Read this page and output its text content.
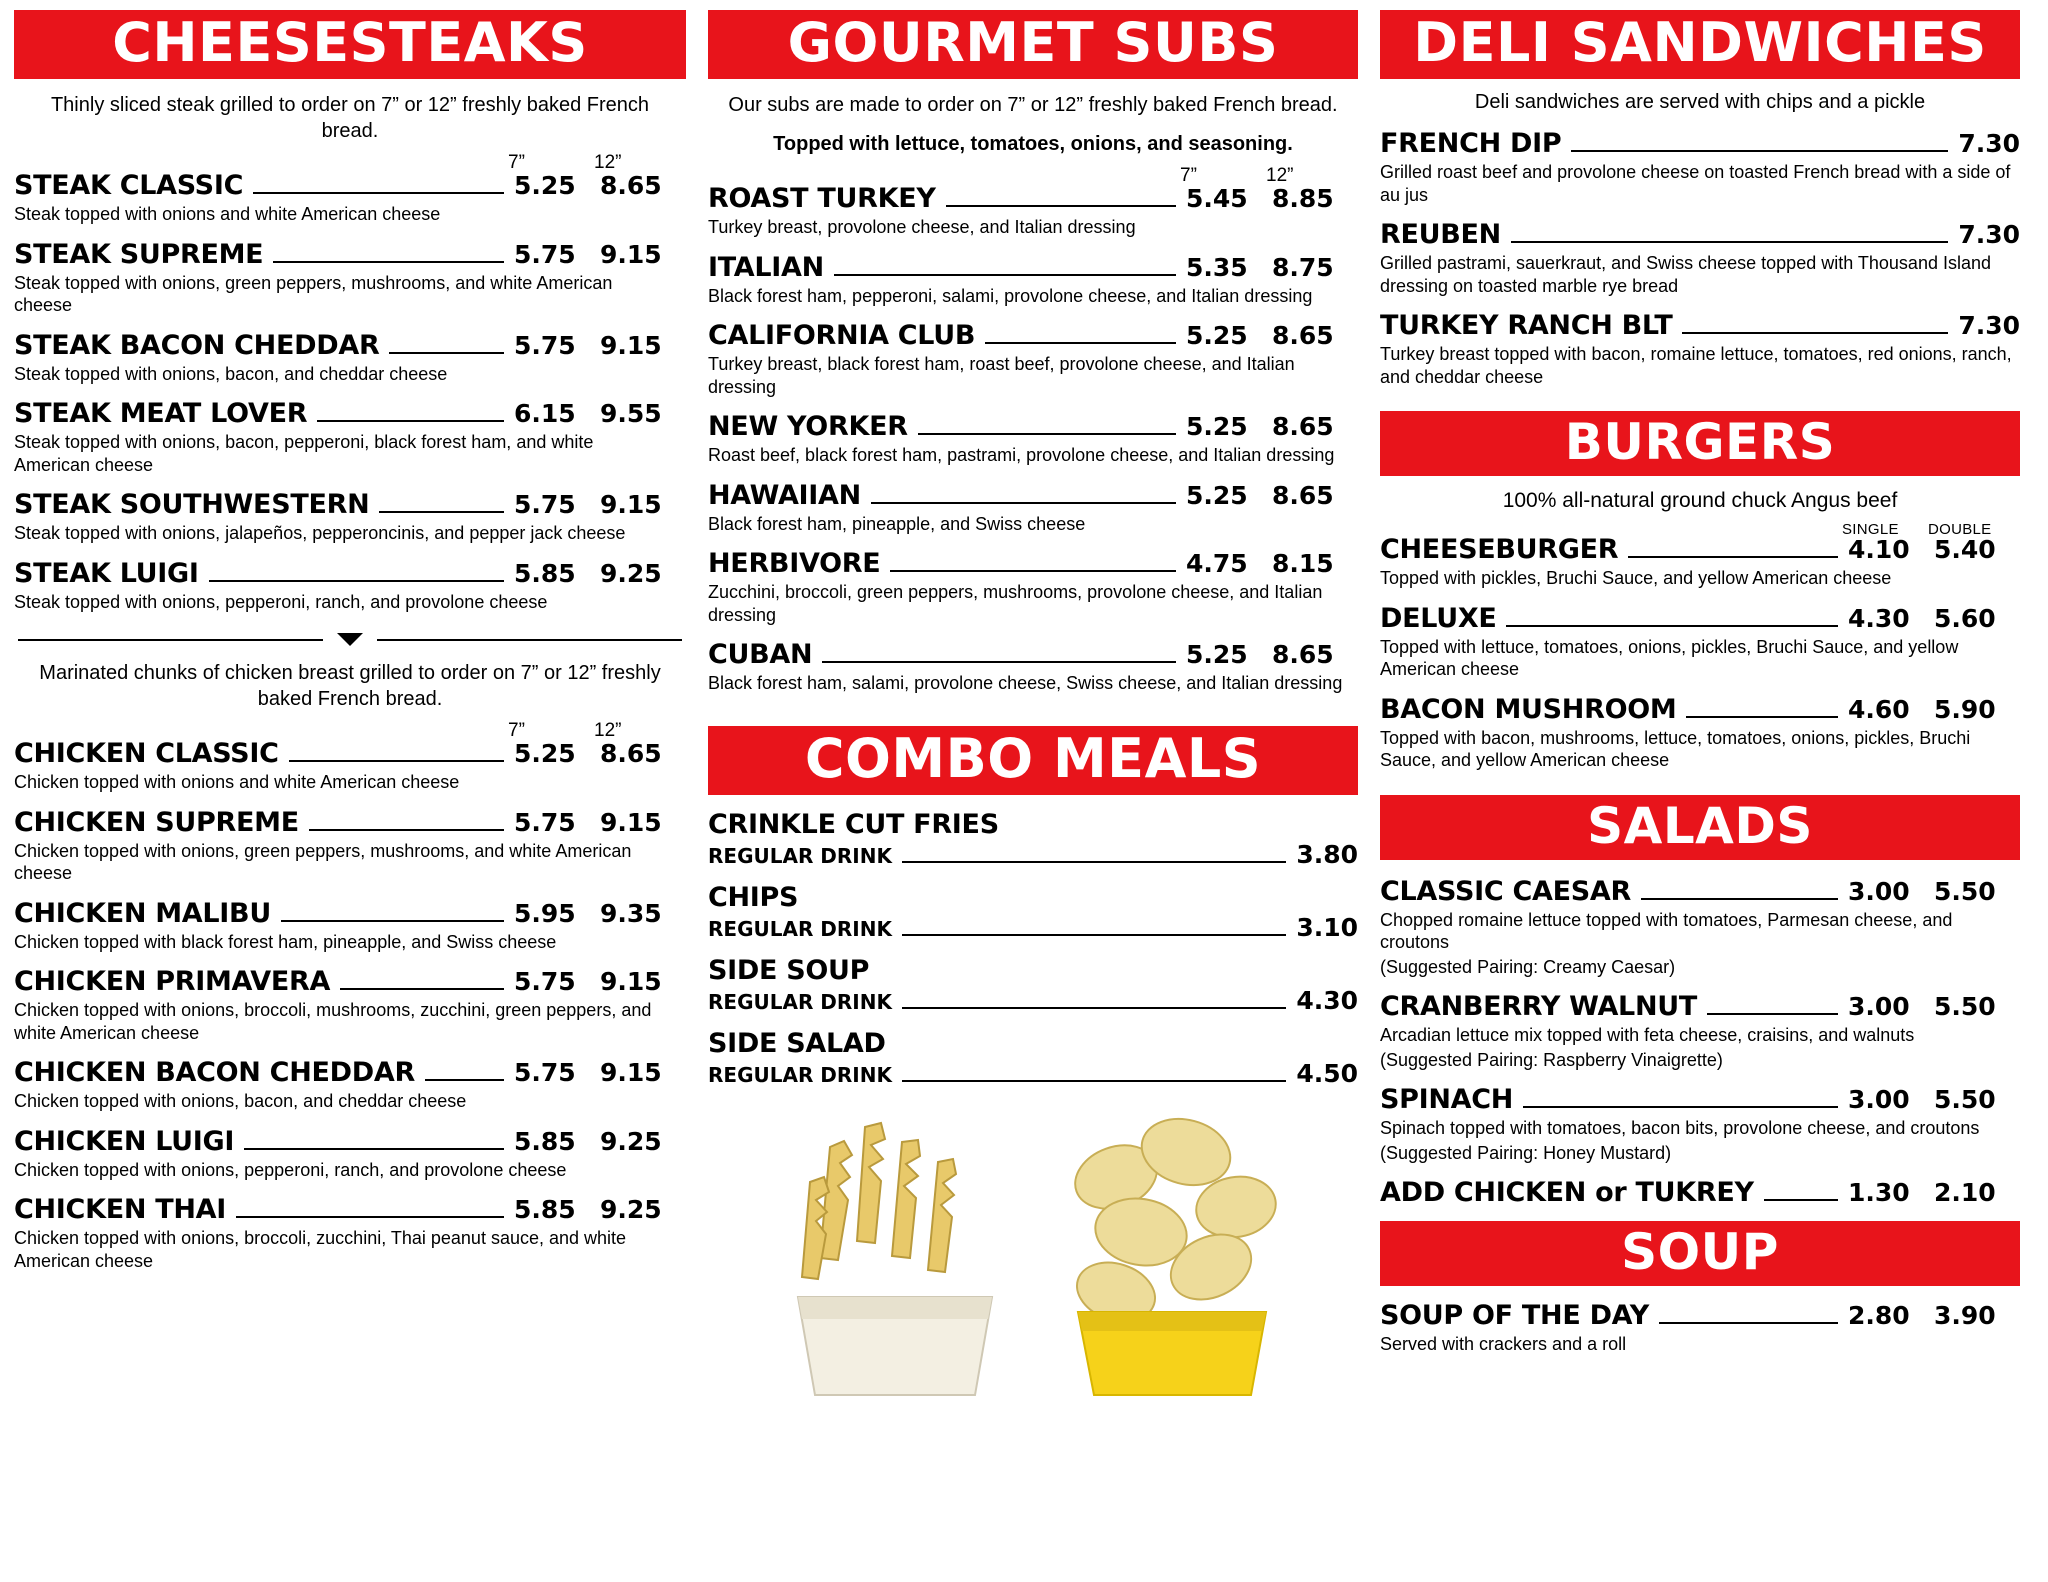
CHEESESTEAKS
Thinly sliced steak grilled to order on 7” or 12” freshly baked French bread.
7”	12”
STEAK CLASSIC	5.25 8.65
Steak topped with onions and white American cheese
STEAK SUPREME	5.75 9.15
Steak topped with onions, green peppers, mushrooms, and white American cheese
STEAK BACON CHEDDAR	5.75 9.15
Steak topped with onions, bacon, and cheddar cheese
STEAK MEAT LOVER	6.15 9.55
Steak topped with onions, bacon, pepperoni, black forest ham, and white American cheese
STEAK SOUTHWESTERN	5.75 9.15
Steak topped with onions, jalapeños, pepperoncinis, and pepper jack cheese
STEAK LUIGI	5.85 9.25
Steak topped with onions, pepperoni, ranch, and provolone cheese
Marinated chunks of chicken breast grilled to order on 7” or 12” freshly baked French bread.
7”	12”
CHICKEN CLASSIC	5.25 8.65
Chicken topped with onions and white American cheese
CHICKEN SUPREME	5.75 9.15
Chicken topped with onions, green peppers, mushrooms, and white American cheese
CHICKEN MALIBU	5.95 9.35
Chicken topped with black forest ham, pineapple, and Swiss cheese
CHICKEN PRIMAVERA	5.75 9.15
Chicken topped with onions, broccoli, mushrooms, zucchini, green peppers, and white American cheese
CHICKEN BACON CHEDDAR	5.75 9.15
Chicken topped with onions, bacon, and cheddar cheese
CHICKEN LUIGI	5.85 9.25
Chicken topped with onions, pepperoni, ranch, and provolone cheese
CHICKEN THAI	5.85 9.25
Chicken topped with onions, broccoli, zucchini, Thai peanut sauce, and white American cheese
GOURMET SUBS
Our subs are made to order on 7” or 12” freshly baked French bread.
Topped with lettuce, tomatoes, onions, and seasoning.
7”	12”
ROAST TURKEY	5.45 8.85
Turkey breast, provolone cheese, and Italian dressing
ITALIAN	5.35 8.75
Black forest ham, pepperoni, salami, provolone cheese, and Italian dressing
CALIFORNIA CLUB	5.25 8.65
Turkey breast, black forest ham, roast beef, provolone cheese, and Italian dressing
NEW YORKER	5.25 8.65
Roast beef, black forest ham, pastrami, provolone cheese, and Italian dressing
HAWAIIAN	5.25 8.65
Black forest ham, pineapple, and Swiss cheese
HERBIVORE	4.75 8.15
Zucchini, broccoli, green peppers, mushrooms, provolone cheese, and Italian dressing
CUBAN	5.25 8.65
Black forest ham, salami, provolone cheese, Swiss cheese, and Italian dressing
COMBO MEALS
CRINKLE CUT FRIES
REGULAR DRINK	3.80
CHIPS
REGULAR DRINK	3.10
SIDE SOUP
REGULAR DRINK	4.30
SIDE SALAD
REGULAR DRINK	4.50
DELI SANDWICHES
Deli sandwiches are served with chips and a pickle
FRENCH DIP	7.30
Grilled roast beef and provolone cheese on toasted French bread with a side of au jus
REUBEN	7.30
Grilled pastrami, sauerkraut, and Swiss cheese topped with Thousand Island dressing on toasted marble rye bread
TURKEY RANCH BLT	7.30
Turkey breast topped with bacon, romaine lettuce, tomatoes, red onions, ranch, and cheddar cheese
BURGERS
100% all-natural ground chuck Angus beef
SINGLE	DOUBLE
CHEESEBURGER	4.10 5.40
Topped with pickles, Bruchi Sauce, and yellow American cheese
DELUXE	4.30 5.60
Topped with lettuce, tomatoes, onions, pickles, Bruchi Sauce, and yellow American cheese
BACON MUSHROOM	4.60 5.90
Topped with bacon, mushrooms, lettuce, tomatoes, onions, pickles, Bruchi Sauce, and yellow American cheese
SALADS
CLASSIC CAESAR	3.00 5.50
Chopped romaine lettuce topped with tomatoes, Parmesan cheese, and croutons
(Suggested Pairing: Creamy Caesar)
CRANBERRY WALNUT	3.00 5.50
Arcadian lettuce mix topped with feta cheese, craisins, and walnuts
(Suggested Pairing: Raspberry Vinaigrette)
SPINACH	3.00 5.50
Spinach topped with tomatoes, bacon bits, provolone cheese, and croutons
(Suggested Pairing: Honey Mustard)
ADD CHICKEN or TUKREY	1.30 2.10
SOUP
SOUP OF THE DAY	2.80 3.90
Served with crackers and a roll
